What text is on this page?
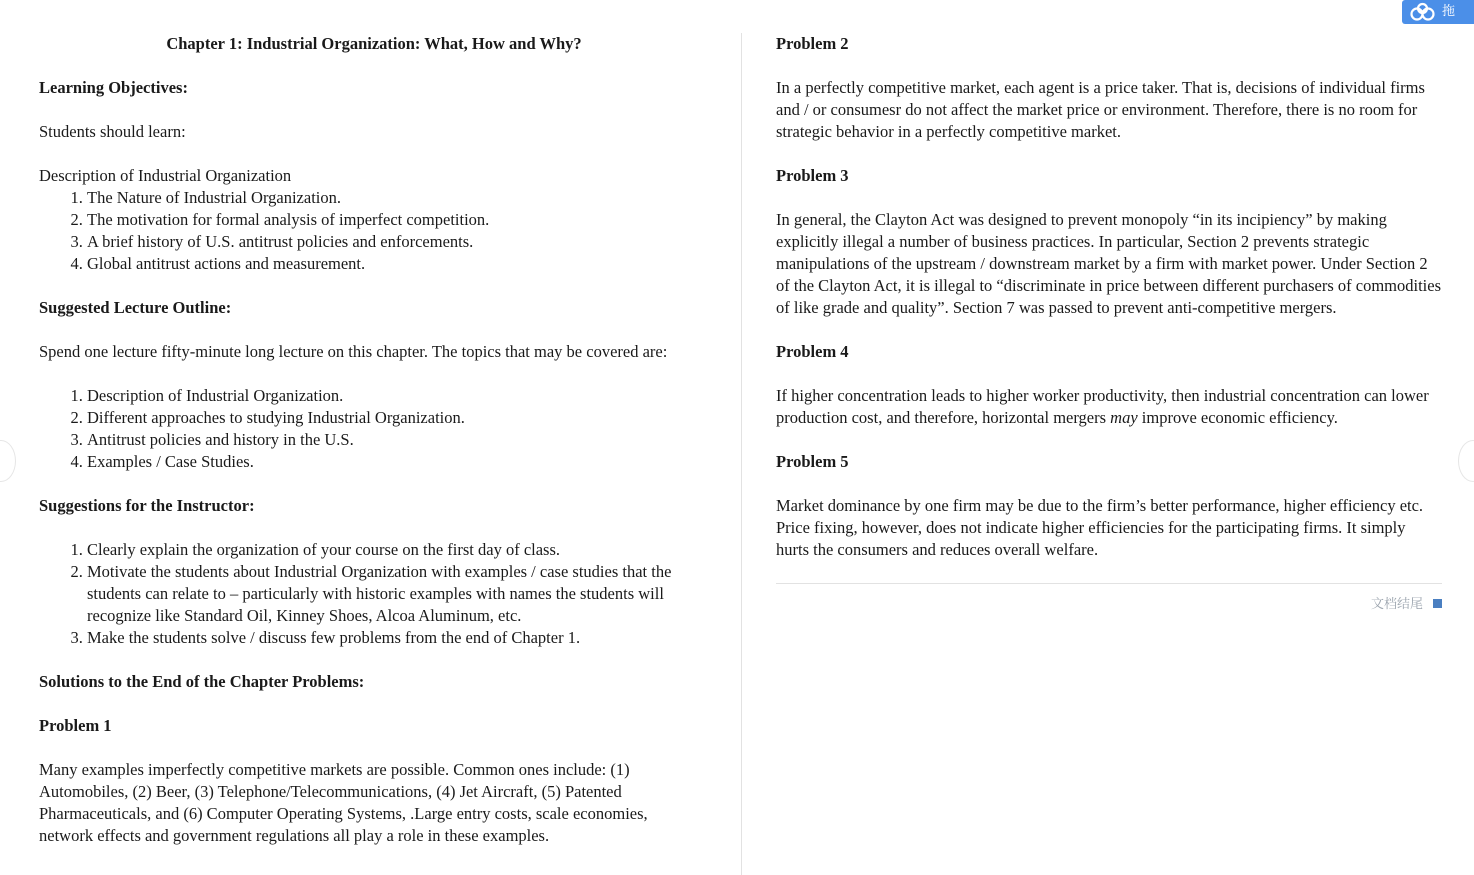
Chapter 1: Industrial Organization: What, How and Why?
Learning Objectives:

Students should learn:

Description of Industrial Organization

1. The Nature of Industrial Organization.
2. The motivation for formal analysis of imperfect competition.
3. A brief history of U.S. antitrust policies and enforcements.
4. Global antitrust actions and measurement.
Suggested Lecture Outline:

Spend one lecture fifty-minute long lecture on this chapter. The topics that may be covered are:

1. Description of Industrial Organization.
2. Different approaches to studying Industrial Organization.
3. Antitrust policies and history in the U.S.
4. Examples / Case Studies.
Suggestions for the Instructor:
1. Clearly explain the organization of your course on the first day of class.
2. Motivate the students about Industrial Organization with examples / case studies that the students can relate to – particularly with historic examples with names the students will recognize like Standard Oil, Kinney Shoes, Alcoa Aluminum, etc.
3. Make the students solve / discuss few problems from the end of Chapter 1.
Solutions to the End of the Chapter Problems:
Problem 1

Many examples imperfectly competitive markets are possible. Common ones include: (1) Automobiles, (2) Beer, (3) Telephone/Telecommunications, (4) Jet Aircraft, (5) Patented Pharmaceuticals, and (6) Computer Operating Systems, .Large entry costs, scale economies, network effects and government regulations all play a role in these examples.

Problem 2

In a perfectly competitive market, each agent is a price taker. That is, decisions of individual firms and / or consumesr do not affect the market price or environment. Therefore, there is no room for strategic behavior in a perfectly competitive market.

Problem 3

In general, the Clayton Act was designed to prevent monopoly “in its incipiency” by making explicitly illegal a number of business practices. In particular, Section 2 prevents strategic manipulations of the upstream / downstream market by a firm with market power. Under Section 2 of the Clayton Act, it is illegal to “discriminate in price between different purchasers of commodities of like grade and quality”. Section 7 was passed to prevent anti-competitive mergers.

Problem 4

If higher concentration leads to higher worker productivity, then industrial concentration can lower production cost, and therefore, horizontal mergers may improve economic efficiency.

Problem 5

Market dominance by one firm may be due to the firm’s better performance, higher efficiency etc. Price fixing, however, does not indicate higher efficiencies for the participating firms. It simply hurts the consumers and reduces overall welfare.

文档结尾
拖
